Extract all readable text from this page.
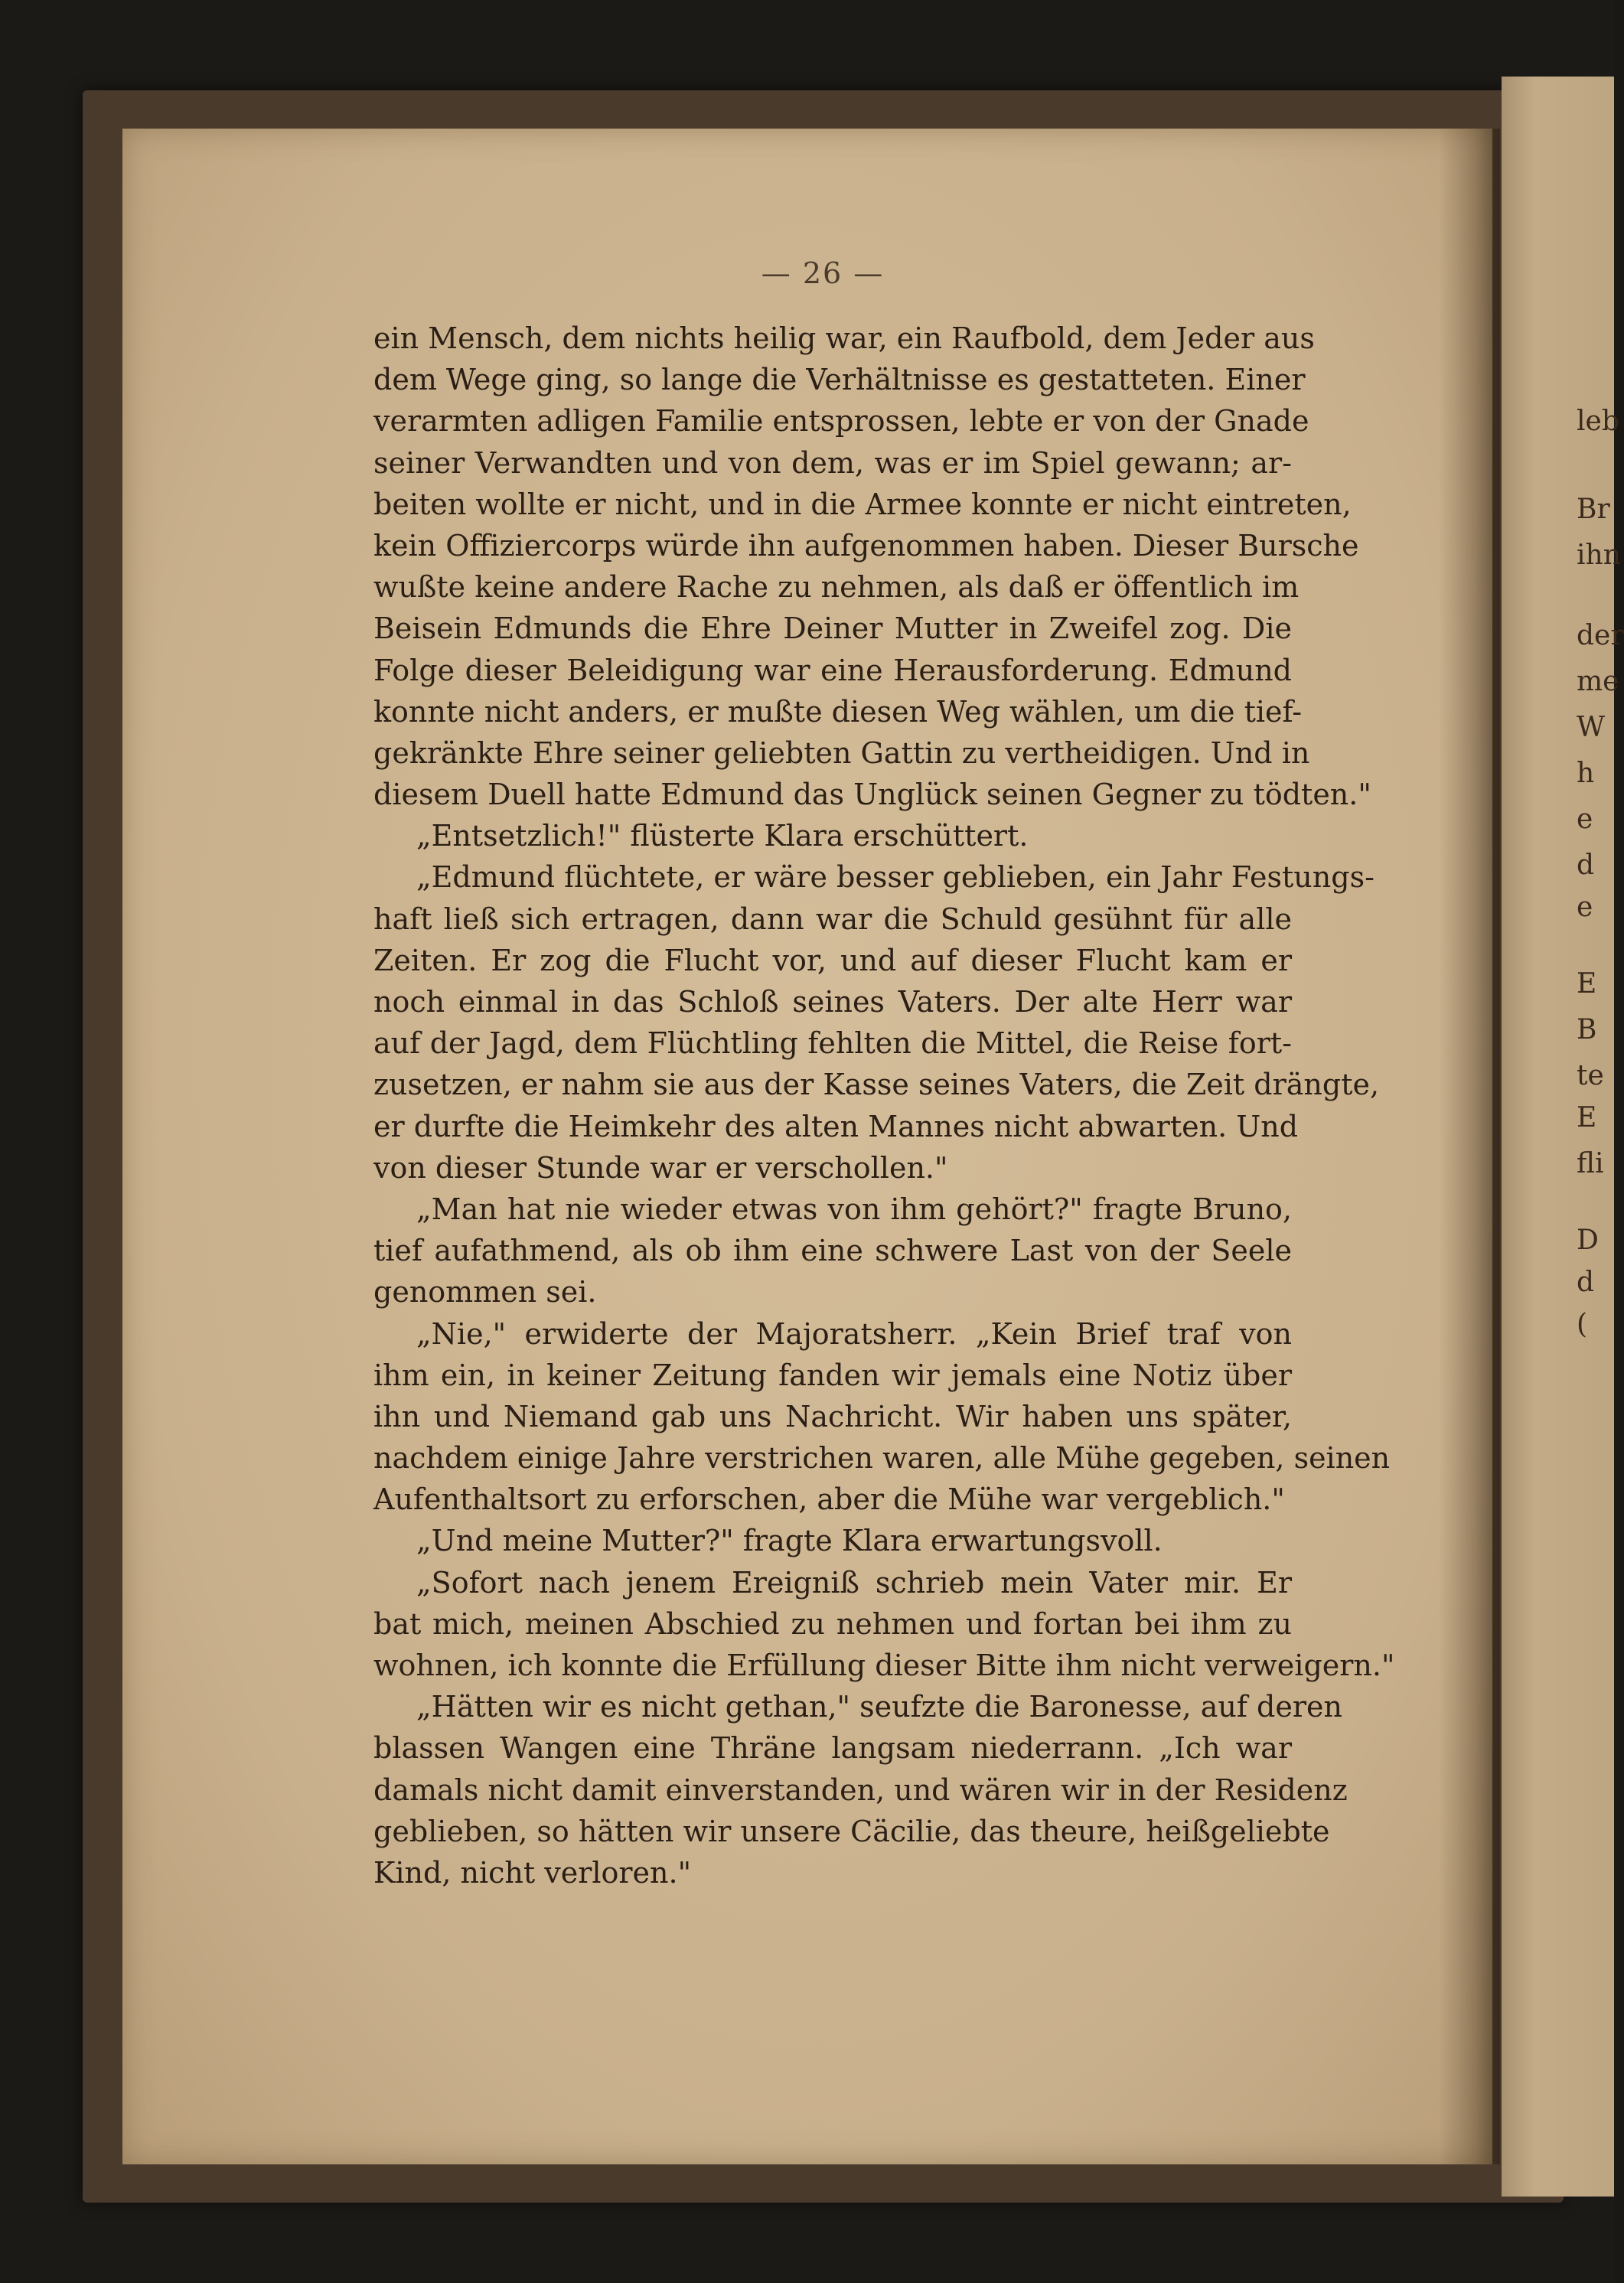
— 26 —
ein Mensch, dem nichts heilig war, ein Raufbold, dem Jeder aus
dem Wege ging, so lange die Verhältnisse es gestatteten. Einer
verarmten adligen Familie entsprossen, lebte er von der Gnade
seiner Verwandten und von dem, was er im Spiel gewann; ar-
beiten wollte er nicht, und in die Armee konnte er nicht eintreten,
kein Offiziercorps würde ihn aufgenommen haben. Dieser Bursche
wußte keine andere Rache zu nehmen, als daß er öffentlich im
Beisein Edmunds die Ehre Deiner Mutter in Zweifel zog. Die
Folge dieser Beleidigung war eine Herausforderung. Edmund
konnte nicht anders, er mußte diesen Weg wählen, um die tief-
gekränkte Ehre seiner geliebten Gattin zu vertheidigen. Und in
diesem Duell hatte Edmund das Unglück seinen Gegner zu tödten."
„Entsetzlich!" flüsterte Klara erschüttert.
„Edmund flüchtete, er wäre besser geblieben, ein Jahr Festungs-
haft ließ sich ertragen, dann war die Schuld gesühnt für alle
Zeiten. Er zog die Flucht vor, und auf dieser Flucht kam er
noch einmal in das Schloß seines Vaters. Der alte Herr war
auf der Jagd, dem Flüchtling fehlten die Mittel, die Reise fort-
zusetzen, er nahm sie aus der Kasse seines Vaters, die Zeit drängte,
er durfte die Heimkehr des alten Mannes nicht abwarten. Und
von dieser Stunde war er verschollen."
„Man hat nie wieder etwas von ihm gehört?" fragte Bruno,
tief aufathmend, als ob ihm eine schwere Last von der Seele
genommen sei.
„Nie," erwiderte der Majoratsherr. „Kein Brief traf von
ihm ein, in keiner Zeitung fanden wir jemals eine Notiz über
ihn und Niemand gab uns Nachricht. Wir haben uns später,
nachdem einige Jahre verstrichen waren, alle Mühe gegeben, seinen
Aufenthaltsort zu erforschen, aber die Mühe war vergeblich."
„Und meine Mutter?" fragte Klara erwartungsvoll.
„Sofort nach jenem Ereigniß schrieb mein Vater mir. Er
bat mich, meinen Abschied zu nehmen und fortan bei ihm zu
wohnen, ich konnte die Erfüllung dieser Bitte ihm nicht verweigern."
„Hätten wir es nicht gethan," seufzte die Baronesse, auf deren
blassen Wangen eine Thräne langsam niederrann. „Ich war
damals nicht damit einverstanden, und wären wir in der Residenz
geblieben, so hätten wir unsere Cäcilie, das theure, heißgeliebte
Kind, nicht verloren."
leb
Br
ihn
der
me
W
h
e
d
e
E
B
te
E
fli
D
d
(
